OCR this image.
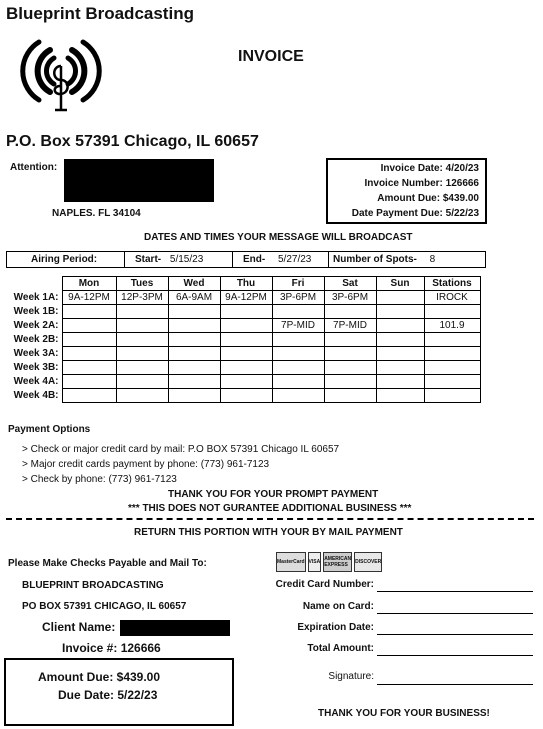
Blueprint Broadcasting
INVOICE
P.O. Box 57391 Chicago, IL 60657
Attention:
NAPLES. FL 34104
Invoice Date: 4/20/23
Invoice Number: 126666
Amount Due: $439.00
Date Payment Due: 5/22/23
DATES AND TIMES YOUR MESSAGE WILL BROADCAST
Airing Period:	Start- 5/15/23	End- 5/27/23	Number of Spots- 8
	Mon	Tues	Wed	Thu	Fri	Sat	Sun	Stations
Week 1A:	9A-12PM	12P-3PM	6A-9AM	9A-12PM	3P-6PM	3P-6PM		IROCK
Week 1B:								
Week 2A:					7P-MID	7P-MID		101.9
Week 2B:								
Week 3A:								
Week 3B:								
Week 4A:								
Week 4B:								
Payment Options
> Check or major credit card by mail: P.O BOX 57391 Chicago IL 60657
> Major credit cards payment by phone: (773) 961-7123
> Check by phone: (773) 961-7123
THANK YOU FOR YOUR PROMPT PAYMENT
*** THIS DOES NOT GURANTEE ADDITIONAL BUSINESS ***
RETURN THIS PORTION WITH YOUR BY MAIL PAYMENT
Please Make Checks Payable and Mail To:
BLUEPRINT BROADCASTING
PO BOX 57391 CHICAGO, IL 60657
Client Name:
Invoice #: 126666
Amount Due: $439.00
Due Date: 5/22/23
MasterCard VISA AMERICAN EXPRESS	DISCOVER
Credit Card Number:
Name on Card:
Expiration Date:
Total Amount:
Signature:
THANK YOU FOR YOUR BUSINESS!
